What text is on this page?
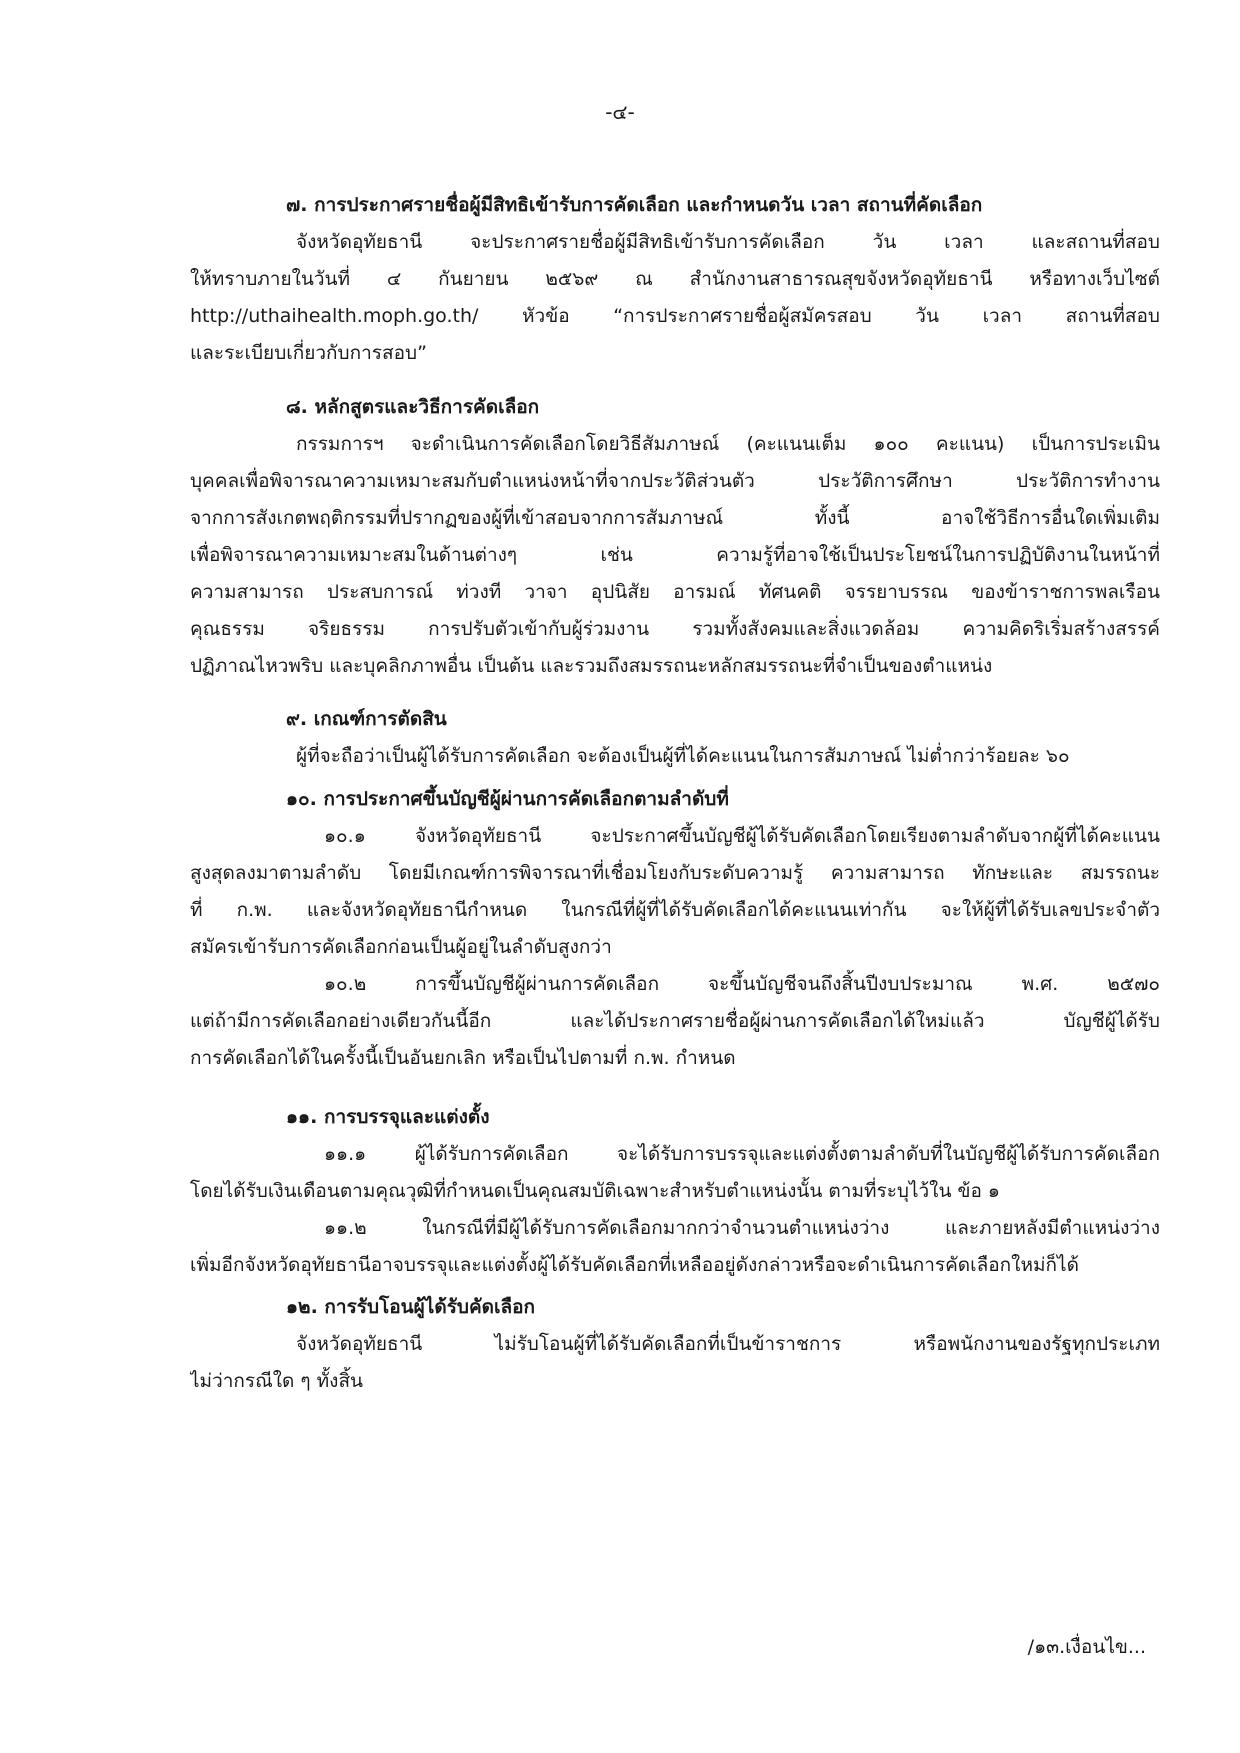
-๔-
๗. การประกาศรายชื่อผู้มีสิทธิเข้ารับการคัดเลือก และกำหนดวัน เวลา สถานที่คัดเลือก
จังหวัดอุทัยธานี จะประกาศรายชื่อผู้มีสิทธิเข้ารับการคัดเลือก วัน เวลา และสถานที่สอบ
ให้ทราบภายในวันที่ ๔ กันยายน ๒๕๖๙ ณ สำนักงานสาธารณสุขจังหวัดอุทัยธานี หรือทางเว็บไซต์
http://uthaihealth.moph.go.th/ หัวข้อ “การประกาศรายชื่อผู้สมัครสอบ วัน เวลา สถานที่สอบ
และระเบียบเกี่ยวกับการสอบ”
๘. หลักสูตรและวิธีการคัดเลือก
กรรมการฯ จะดำเนินการคัดเลือกโดยวิธีสัมภาษณ์ (คะแนนเต็ม ๑๐๐ คะแนน) เป็นการประเมิน
บุคคลเพื่อพิจารณาความเหมาะสมกับตำแหน่งหน้าที่จากประวัติส่วนตัว ประวัติการศึกษา ประวัติการทำงาน
จากการสังเกตพฤติกรรมที่ปรากฏของผู้ที่เข้าสอบจากการสัมภาษณ์ ทั้งนี้ อาจใช้วิธีการอื่นใดเพิ่มเติม
เพื่อพิจารณาความเหมาะสมในด้านต่างๆ เช่น ความรู้ที่อาจใช้เป็นประโยชน์ในการปฏิบัติงานในหน้าที่
ความสามารถ ประสบการณ์ ท่วงที วาจา อุปนิสัย อารมณ์ ทัศนคติ จรรยาบรรณ ของข้าราชการพลเรือน
คุณธรรม จริยธรรม การปรับตัวเข้ากับผู้ร่วมงาน รวมทั้งสังคมและสิ่งแวดล้อม ความคิดริเริ่มสร้างสรรค์
ปฏิภาณไหวพริบ และบุคลิกภาพอื่น เป็นต้น และรวมถึงสมรรถนะหลักสมรรถนะที่จำเป็นของตำแหน่ง
๙. เกณฑ์การตัดสิน
ผู้ที่จะถือว่าเป็นผู้ได้รับการคัดเลือก จะต้องเป็นผู้ที่ได้คะแนนในการสัมภาษณ์ ไม่ต่ำกว่าร้อยละ ๖๐
๑๐. การประกาศขึ้นบัญชีผู้ผ่านการคัดเลือกตามลำดับที่
๑๐.๑ จังหวัดอุทัยธานี จะประกาศขึ้นบัญชีผู้ได้รับคัดเลือกโดยเรียงตามลำดับจากผู้ที่ได้คะแนน
สูงสุดลงมาตามลำดับ โดยมีเกณฑ์การพิจารณาที่เชื่อมโยงกับระดับความรู้ ความสามารถ ทักษะและ สมรรถนะ
ที่ ก.พ. และจังหวัดอุทัยธานีกำหนด ในกรณีที่ผู้ที่ได้รับคัดเลือกได้คะแนนเท่ากัน จะให้ผู้ที่ได้รับเลขประจำตัว
สมัครเข้ารับการคัดเลือกก่อนเป็นผู้อยู่ในลำดับสูงกว่า
๑๐.๒ การขึ้นบัญชีผู้ผ่านการคัดเลือก จะขึ้นบัญชีจนถึงสิ้นปีงบประมาณ พ.ศ. ๒๕๗๐
แต่ถ้ามีการคัดเลือกอย่างเดียวกันนี้อีก และได้ประกาศรายชื่อผู้ผ่านการคัดเลือกได้ใหม่แล้ว บัญชีผู้ได้รับ
การคัดเลือกได้ในครั้งนี้เป็นอันยกเลิก หรือเป็นไปตามที่ ก.พ. กำหนด
๑๑. การบรรจุและแต่งตั้ง
๑๑.๑ ผู้ได้รับการคัดเลือก จะได้รับการบรรจุและแต่งตั้งตามลำดับที่ในบัญชีผู้ได้รับการคัดเลือก
โดยได้รับเงินเดือนตามคุณวุฒิที่กำหนดเป็นคุณสมบัติเฉพาะสำหรับตำแหน่งนั้น ตามที่ระบุไว้ใน ข้อ ๑
๑๑.๒ ในกรณีที่มีผู้ได้รับการคัดเลือกมากกว่าจำนวนตำแหน่งว่าง และภายหลังมีตำแหน่งว่าง
เพิ่มอีกจังหวัดอุทัยธานีอาจบรรจุและแต่งตั้งผู้ได้รับคัดเลือกที่เหลืออยู่ดังกล่าวหรือจะดำเนินการคัดเลือกใหม่ก็ได้
๑๒. การรับโอนผู้ได้รับคัดเลือก
จังหวัดอุทัยธานี ไม่รับโอนผู้ที่ได้รับคัดเลือกที่เป็นข้าราชการ หรือพนักงานของรัฐทุกประเภท
ไม่ว่ากรณีใด ๆ ทั้งสิ้น
/๑๓.เงื่อนไข...
